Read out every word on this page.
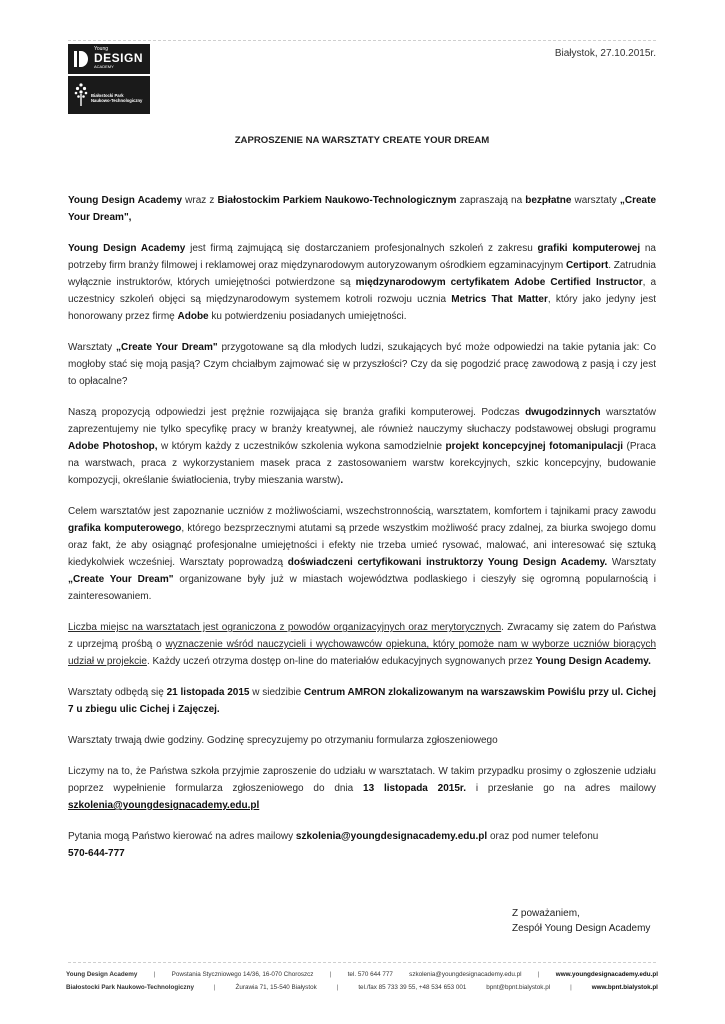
Young
DESIGN
ACADEMY
Białostocki Park
Naukowo-Technologiczny
Białystok, 27.10.2015r.
ZAPROSZENIE NA WARSZTATY CREATE YOUR DREAM

Young Design Academy wraz z Białostockim Parkiem Naukowo-Technologicznym zapraszają na bezpłatne warsztaty „Create Your Dream",

Young Design Academy jest firmą zajmującą się dostarczaniem profesjonalnych szkoleń z zakresu grafiki komputerowej na potrzeby firm branży filmowej i reklamowej oraz międzynarodowym autoryzowanym ośrodkiem egzaminacyjnym Certiport. Zatrudnia wyłącznie instruktorów, których umiejętności potwierdzone są międzynarodowym certyfikatem Adobe Certified Instructor, a uczestnicy szkoleń objęci są międzynarodowym systemem kotroli rozwoju ucznia Metrics That Matter, który jako jedyny jest honorowany przez firmę Adobe ku potwierdzeniu posiadanych umiejętności.

Warsztaty „Create Your Dream" przygotowane są dla młodych ludzi, szukających być może odpowiedzi na takie pytania jak: Co mogłoby stać się moją pasją? Czym chciałbym zajmować się w przyszłości? Czy da się pogodzić pracę zawodową z pasją i czy jest to opłacalne?

Naszą propozycją odpowiedzi jest prężnie rozwijająca się branża grafiki komputerowej. Podczas dwugodzinnych warsztatów zaprezentujemy nie tylko specyfikę pracy w branży kreatywnej, ale również nauczymy słuchaczy podstawowej obsługi programu Adobe Photoshop, w którym każdy z uczestników szkolenia wykona samodzielnie projekt koncepcyjnej fotomanipulacji (Praca na warstwach, praca z wykorzystaniem masek praca z zastosowaniem warstw korekcyjnych, szkic koncepcyjny, budowanie kompozycji, określanie światłocienia, tryby mieszania warstw).

Celem warsztatów jest zapoznanie uczniów z możliwościami, wszechstronnością, warsztatem, komfortem i tajnikami pracy zawodu grafika komputerowego, którego bezsprzecznymi atutami są przede wszystkim możliwość pracy zdalnej, za biurka swojego domu oraz fakt, że aby osiągnąć profesjonalne umiejętności i efekty nie trzeba umieć rysować, malować, ani interesować się sztuką kiedykolwiek wcześniej. Warsztaty poprowadzą doświadczeni certyfikowani instruktorzy Young Design Academy. Warsztaty „Create Your Dream" organizowane były już w miastach województwa podlaskiego i cieszyły się ogromną popularnością i zainteresowaniem.

Liczba miejsc na warsztatach jest ograniczona z powodów organizacyjnych oraz merytorycznych. Zwracamy się zatem do Państwa z uprzejmą prośbą o wyznaczenie wśród nauczycieli i wychowawców opiekuna, który pomoże nam w wyborze uczniów biorących udział w projekcie. Każdy uczeń otrzyma dostęp on-line do materiałów edukacyjnych sygnowanych przez Young Design Academy.

Warsztaty odbędą się 21 listopada 2015 w siedzibie Centrum AMRON zlokalizowanym na warszawskim Powiślu przy ul. Cichej 7 u zbiegu ulic Cichej i Zajęczej.

Warsztaty trwają dwie godziny. Godzinę sprecyzujemy po otrzymaniu formularza zgłoszeniowego

Liczymy na to, że Państwa szkoła przyjmie zaproszenie do udziału w warsztatach. W takim przypadku prosimy o zgłoszenie udziału poprzez wypełnienie formularza zgłoszeniowego do dnia 13 listopada 2015r. i przesłanie go na adres mailowy szkolenia@youngdesignacademy.edu.pl

Pytania mogą Państwo kierować na adres mailowy szkolenia@youngdesignacademy.edu.pl oraz pod numer telefonu
570-644-777

Z poważaniem,
Zespół Young Design Academy
Young Design Academy	|	Powstania Styczniowego 14/36, 16-070 Choroszcz	|	tel. 570 644 777	szkolenia@youngdesignacademy.edu.pl	|	www.youngdesignacademy.edu.pl
Białostocki Park Naukowo-Technologiczny	|	Żurawia 71, 15-540 Białystok	|	tel./fax 85 733 39 55, +48 534 653 001	bpnt@bpnt.bialystok.pl	|	www.bpnt.bialystok.pl
